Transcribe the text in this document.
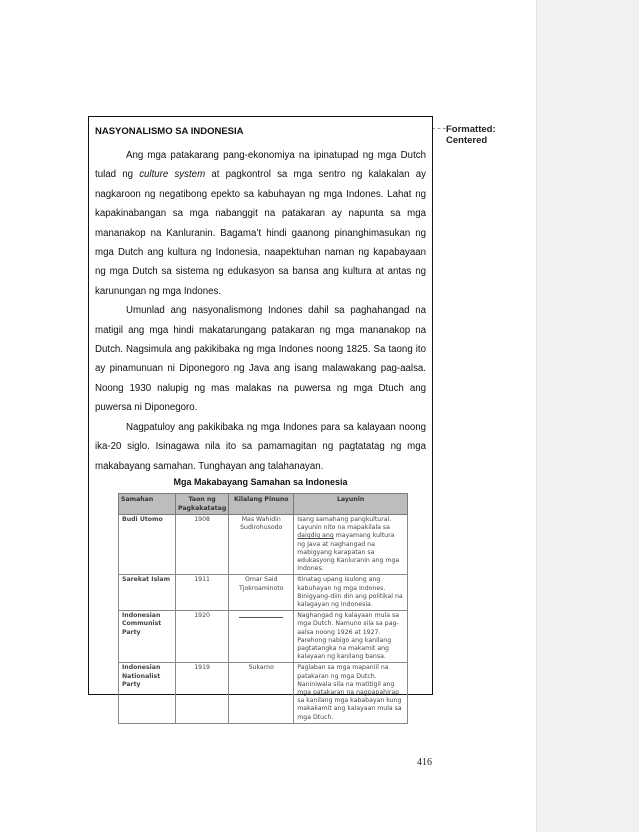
Formatted: Centered

NASYONALISMO SA INDONESIA

Ang mga patakarang pang-ekonomiya na ipinatupad ng mga Dutch tulad ng culture system at pagkontrol sa mga sentro ng kalakalan ay nagkaroon ng negatibong epekto sa kabuhayan ng mga Indones. Lahat ng kapakinabangan sa mga nabanggit na patakaran ay napunta sa mga mananakop na Kanluranin. Bagama’t hindi gaanong pinanghimasukan ng mga Dutch ang kultura ng Indonesia, naapektuhan naman ng kapabayaan ng mga Dutch sa sistema ng edukasyon sa bansa ang kultura at antas ng karunungan ng mga Indones.

Umunlad ang nasyonalismong Indones dahil sa paghahangad na matigil ang mga hindi makatarungang patakaran ng mga mananakop na Dutch. Nagsimula ang pakikibaka ng mga Indones noong 1825. Sa taong ito ay pinamunuan ni Diponegoro ng Java ang isang malawakang pag-aalsa. Noong 1930 nalupig ng mas malakas na puwersa ng mga Dtuch ang puwersa ni Diponegoro.

Nagpatuloy ang pakikibaka ng mga Indones para sa kalayaan noong ika-20 siglo. Isinagawa nila ito sa pamamagitan ng pagtatatag ng mga makabayang samahan. Tunghayan ang talahanayan.

Mga Makabayang Samahan sa Indonesia

Samahan	Taon ng Pagkakatatag	Kilalang Pinuno	Layunin
Budi Utomo	1908	Mas Wahidin Sudirohusodo	Isang samahang pangkultural. Layunin nito na mapakilala sa daigdig ang mayamang kultura ng Java at naghangad na mabigyang karapatan sa edukasyong Kanluranin ang mga Indones.
Sarekat Islam	1911	Omar Said Tjokroaminoto	Itinatag upang isulong ang kabuhayan ng mga Indones. Binigyang-diin din ang politikal na kalagayan ng Indonesia.
Indonesian Communist Party	1920		Naghangad ng kalayaan mula sa mga Dutch. Namuno sila sa pag-aalsa noong 1926 at 1927. Parehong nabigo ang kanilang pagtatangka na makamit ang kalayaan ng kanilang bansa.
Indonesian Nationalist Party	1919	Sukarno	Paglaban sa mga mapaniil na patakaran ng mga Dutch. Naniniwala sila na matitigil ang mga patakaran na nagpapahirap sa kanilang mga kababayan kung makakamit ang kalayaan mula sa mga Dtuch.
416
